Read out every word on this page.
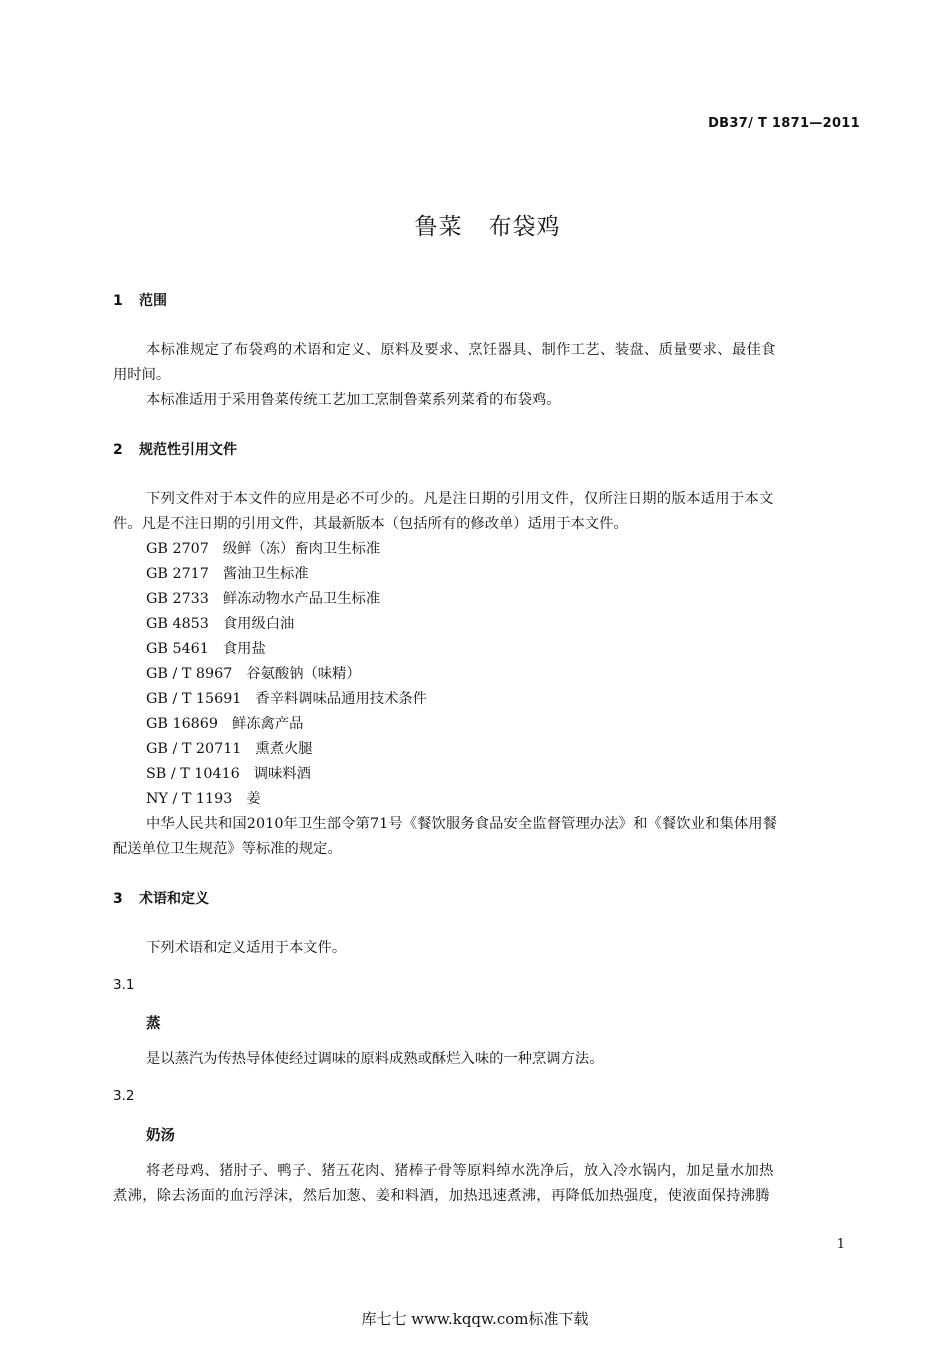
DB37/ T 1871—2011
鲁菜 布袋鸡
1 范围
本标准规定了布袋鸡的术语和定义、原料及要求、烹饪器具、制作工艺、装盘、质量要求、最佳食
用时间。
本标准适用于采用鲁菜传统工艺加工烹制鲁菜系列菜肴的布袋鸡。
2 规范性引用文件
下列文件对于本文件的应用是必不可少的。凡是注日期的引用文件，仅所注日期的版本适用于本文
件。凡是不注日期的引用文件，其最新版本（包括所有的修改单）适用于本文件。
GB 2707 级鲜（冻）畜肉卫生标准
GB 2717 酱油卫生标准
GB 2733 鲜冻动物水产品卫生标准
GB 4853 食用级白油
GB 5461 食用盐
GB / T 8967 谷氨酸钠（味精）
GB / T 15691 香辛料调味品通用技术条件
GB 16869 鲜冻禽产品
GB / T 20711 熏煮火腿
SB / T 10416 调味料酒
NY / T 1193 姜
中华人民共和国2010年卫生部令第71号《餐饮服务食品安全监督管理办法》和《餐饮业和集体用餐
配送单位卫生规范》等标准的规定。
3 术语和定义
下列术语和定义适用于本文件。
3.1
蒸
是以蒸汽为传热导体使经过调味的原料成熟或酥烂入味的一种烹调方法。
3.2
奶汤
将老母鸡、猪肘子、鸭子、猪五花肉、猪棒子骨等原料绰水洗净后，放入冷水锅内，加足量水加热
煮沸，除去汤面的血污浮沫，然后加葱、姜和料酒，加热迅速煮沸，再降低加热强度，使液面保持沸腾
1
库七七 www.kqqw.com标准下载
